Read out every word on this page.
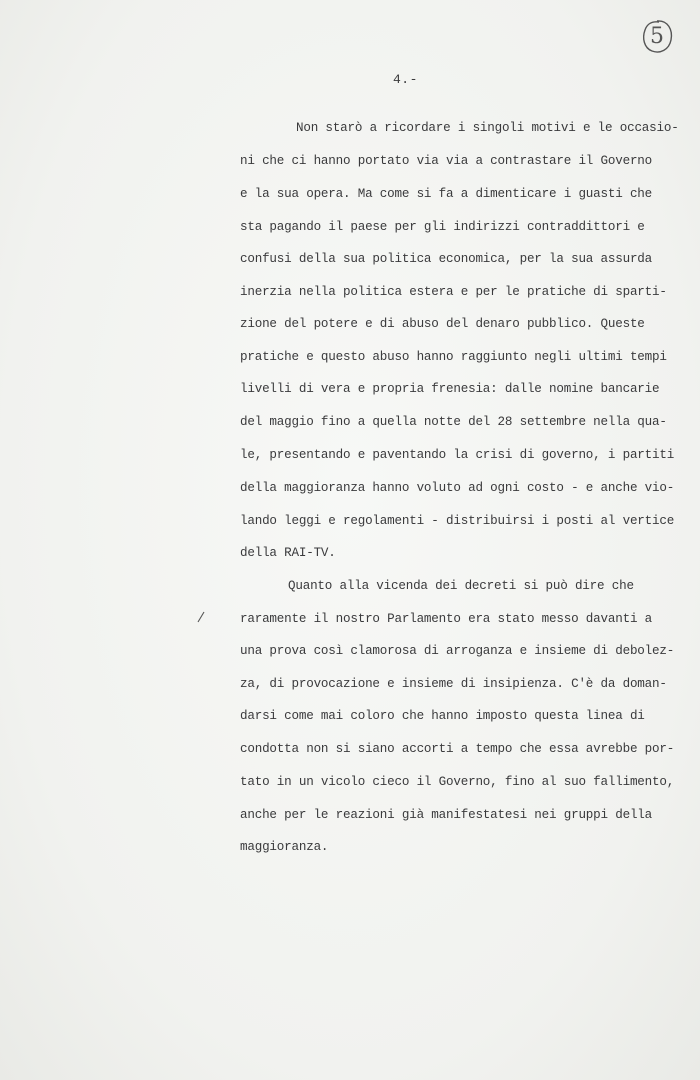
5
4.-
Non starò a ricordare i singoli motivi e le occasio-
ni che ci hanno portato via via a contrastare il Governo
e la sua opera. Ma come si fa a dimenticare i guasti che
sta pagando il paese per gli indirizzi contraddittori e
confusi della sua politica economica, per la sua assurda
inerzia nella politica estera e per le pratiche di sparti-
zione del potere e di abuso del denaro pubblico. Queste
pratiche e questo abuso hanno raggiunto negli ultimi tempi
livelli di vera e propria frenesia: dalle nomine bancarie
del maggio fino a quella notte del 28 settembre nella qua-
le, presentando e paventando la crisi di governo, i partiti
della maggioranza hanno voluto ad ogni costo - e anche vio-
lando leggi e regolamenti - distribuirsi i posti al vertice
della RAI-TV.
Quanto alla vicenda dei decreti si può dire che
raramente il nostro Parlamento era stato messo davanti a
una prova così clamorosa di arroganza e insieme di debolez-
za, di provocazione e insieme di insipienza. C'è da doman-
darsi come mai coloro che hanno imposto questa linea di
condotta non si siano accorti a tempo che essa avrebbe por-
tato in un vicolo cieco il Governo, fino al suo fallimento,
anche per le reazioni già manifestatesi nei gruppi della
maggioranza.
